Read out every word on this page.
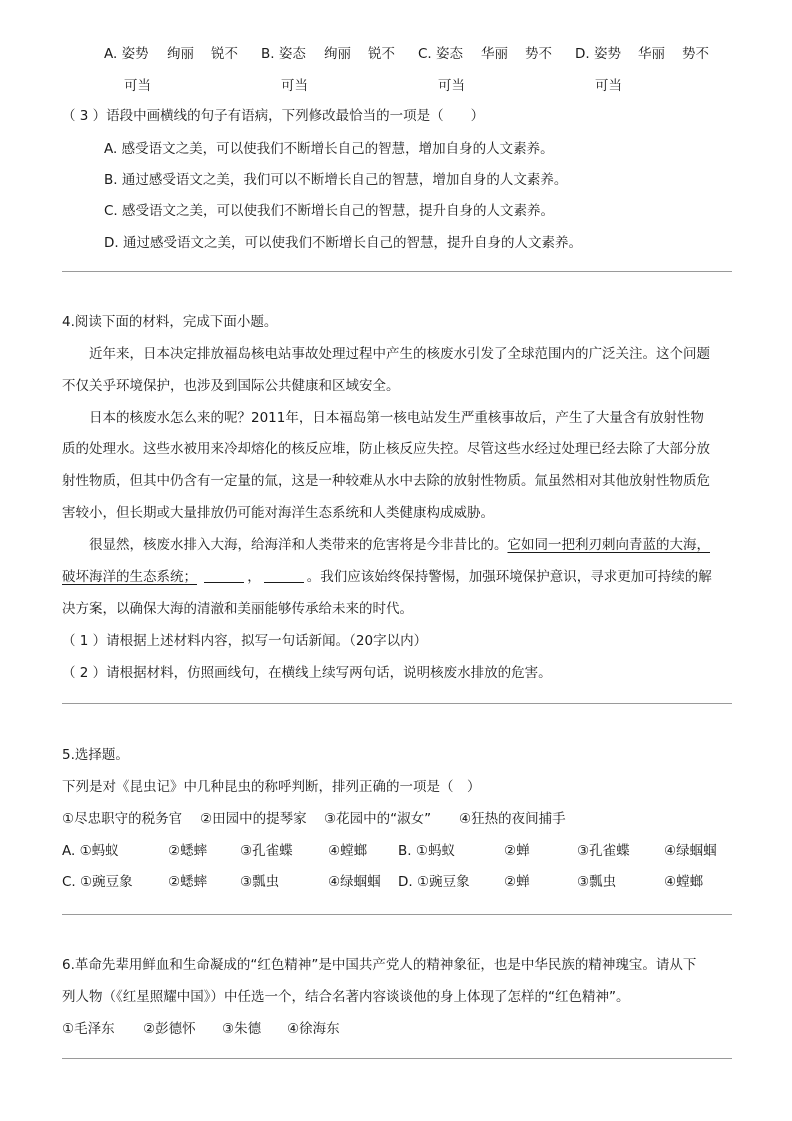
A. 姿势 绚丽 锐不
可当
B. 姿态 绚丽 锐不
可当
C. 姿态 华丽 势不
可当
D. 姿势 华丽 势不
可当
（ 3 ）语段中画横线的句子有语病，下列修改最恰当的一项是（　　）
A. 感受语文之美，可以使我们不断增长自己的智慧，增加自身的人文素养。
B. 通过感受语文之美，我们可以不断增长自己的智慧，增加自身的人文素养。
C. 感受语文之美，可以使我们不断增长自己的智慧，提升自身的人文素养。
D. 通过感受语文之美，可以使我们不断增长自己的智慧，提升自身的人文素养。
4.阅读下面的材料，完成下面小题。
近年来，日本决定排放福岛核电站事故处理过程中产生的核废水引发了全球范围内的广泛关注。这个问题
不仅关乎环境保护，也涉及到国际公共健康和区域安全。
日本的核废水怎么来的呢？2011年，日本福岛第一核电站发生严重核事故后，产生了大量含有放射性物
质的处理水。这些水被用来冷却熔化的核反应堆，防止核反应失控。尽管这些水经过处理已经去除了大部分放
射性物质，但其中仍含有一定量的氚，这是一种较难从水中去除的放射性物质。氚虽然相对其他放射性物质危
害较小，但长期或大量排放仍可能对海洋生态系统和人类健康构成威胁。
很显然，核废水排入大海，给海洋和人类带来的危害将是今非昔比的。它如同一把利刃刺向青蓝的大海，
破坏海洋的生态系统；	，	。我们应该始终保持警惕，加强环境保护意识，寻求更加可持续的解
决方案，以确保大海的清澈和美丽能够传承给未来的时代。
（ 1 ）请根据上述材料内容，拟写一句话新闻。（20字以内）
（ 2 ）请根据材料，仿照画线句，在横线上续写两句话，说明核废水排放的危害。
5.选择题。
下列是对《昆虫记》中几种昆虫的称呼判断，排列正确的一项是（　）
①尽忠职守的税务官 ②田园中的提琴家 ③花园中的“淑女” ④狂热的夜间捕手
A. ①蚂蚁	②蟋蟀 ③孔雀蝶	④螳螂 B. ①蚂蚁	②蝉	③孔雀蝶	④绿蝈蝈
C. ①豌豆象	②蟋蟀 ③瓢虫	④绿蝈蝈 D. ①豌豆象	②蝉	③瓢虫	④螳螂
6.革命先辈用鲜血和生命凝成的“红色精神”是中国共产党人的精神象征，也是中华民族的精神瑰宝。请从下
列人物（《红星照耀中国》）中任选一个，结合名著内容谈谈他的身上体现了怎样的“红色精神”。
①毛泽东 ②彭德怀 ③朱德 ④徐海东
